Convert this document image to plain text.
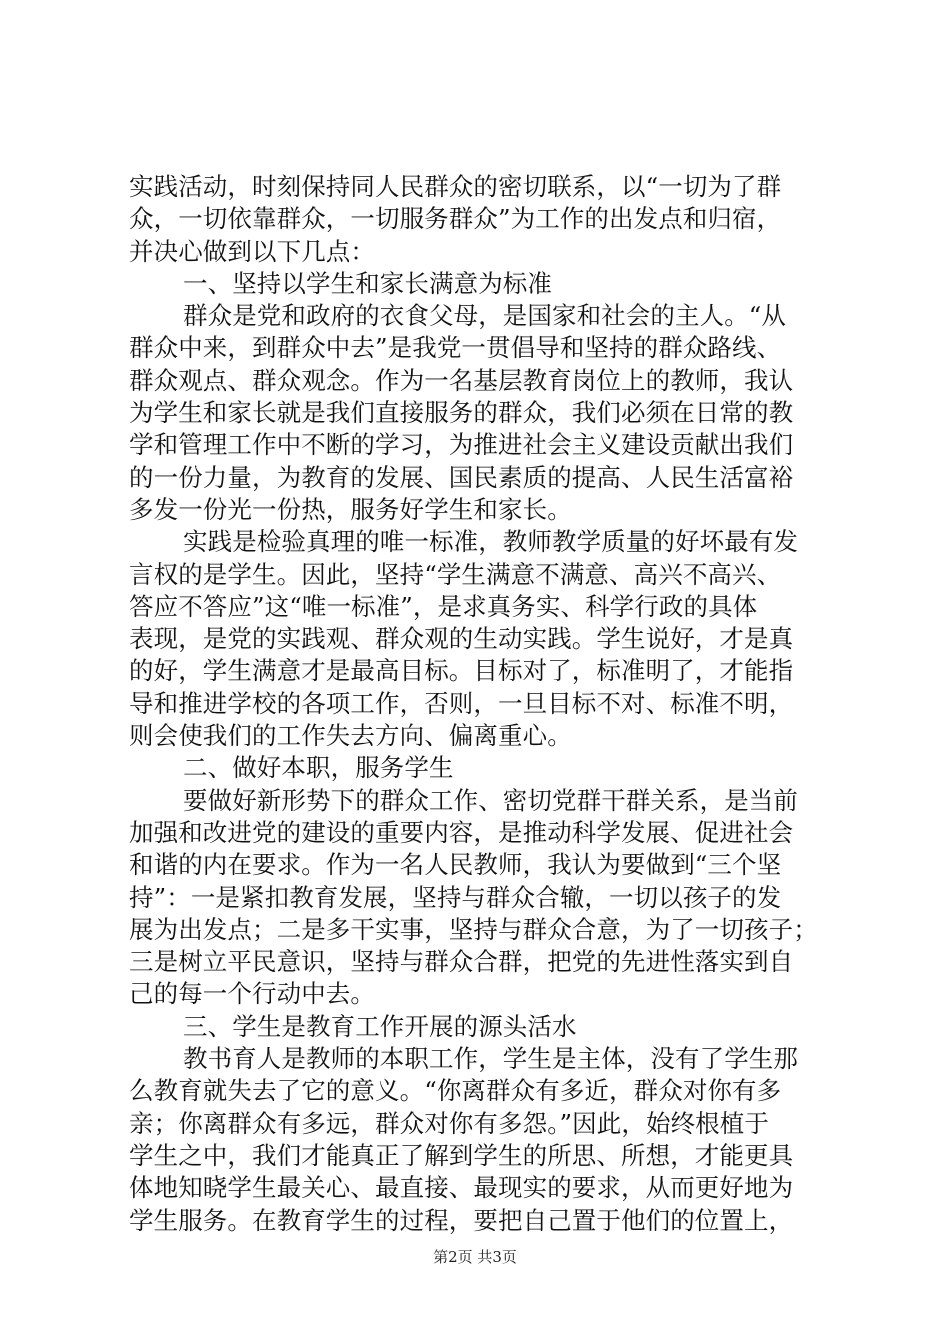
实践活动，时刻保持同人民群众的密切联系，以“一切为了群
众，一切依靠群众，一切服务群众”为工作的出发点和归宿，
并决心做到以下几点：
一、坚持以学生和家长满意为标准
群众是党和政府的衣食父母，是国家和社会的主人。“从
群众中来，到群众中去”是我党一贯倡导和坚持的群众路线、
群众观点、群众观念。作为一名基层教育岗位上的教师，我认
为学生和家长就是我们直接服务的群众，我们必须在日常的教
学和管理工作中不断的学习，为推进社会主义建设贡献出我们
的一份力量，为教育的发展、国民素质的提高、人民生活富裕
多发一份光一份热，服务好学生和家长。
实践是检验真理的唯一标准，教师教学质量的好坏最有发
言权的是学生。因此，坚持“学生满意不满意、高兴不高兴、
答应不答应”这“唯一标准”，是求真务实、科学行政的具体
表现，是党的实践观、群众观的生动实践。学生说好，才是真
的好，学生满意才是最高目标。目标对了，标准明了，才能指
导和推进学校的各项工作，否则，一旦目标不对、标准不明，
则会使我们的工作失去方向、偏离重心。
二、做好本职，服务学生
要做好新形势下的群众工作、密切党群干群关系，是当前
加强和改进党的建设的重要内容，是推动科学发展、促进社会
和谐的内在要求。作为一名人民教师，我认为要做到“三个坚
持”：一是紧扣教育发展，坚持与群众合辙，一切以孩子的发
展为出发点；二是多干实事，坚持与群众合意，为了一切孩子；
三是树立平民意识，坚持与群众合群，把党的先进性落实到自
己的每一个行动中去。
三、学生是教育工作开展的源头活水
教书育人是教师的本职工作，学生是主体，没有了学生那
么教育就失去了它的意义。“你离群众有多近，群众对你有多
亲；你离群众有多远，群众对你有多怨。”因此，始终根植于
学生之中，我们才能真正了解到学生的所思、所想，才能更具
体地知晓学生最关心、最直接、最现实的要求，从而更好地为
学生服务。在教育学生的过程，要把自己置于他们的位置上，
第2页 共3页
